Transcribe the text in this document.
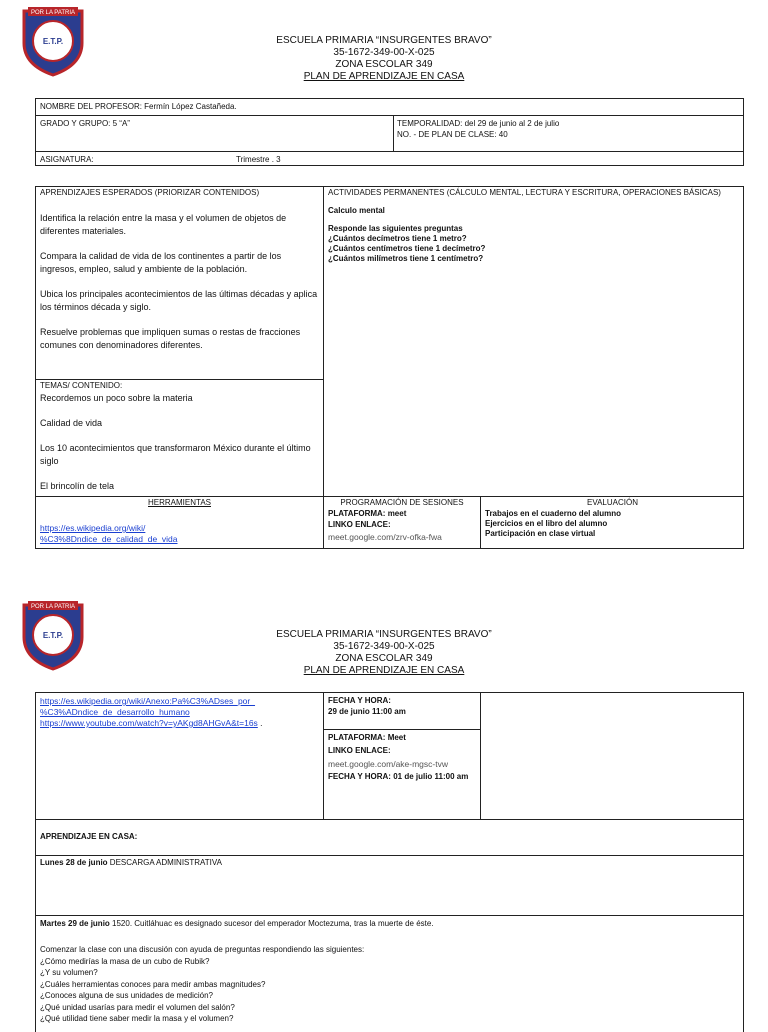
POR LA PATRIA
E.T.P.	ESCUELA PRIMARIA “INSURGENTES BRAVO”
35-1672-349-00-X-025
ZONA ESCOLAR 349
PLAN DE APRENDIZAJE EN CASA
NOMBRE DEL PROFESOR: Fermín López Castañeda.
GRADO Y GRUPO: 5 “A”	TEMPORALIDAD: del 29 de junio al 2 de julio
NO. - DE PLAN DE CLASE: 40
ASIGNATURA:	Trimestre . 3
APRENDIZAJES ESPERADOS (PRIORIZAR CONTENIDOS)

Identifica la relación entre la masa y el volumen de objetos de diferentes materiales.

Compara la calidad de vida de los continentes a partir de los ingresos, empleo, salud y ambiente de la población.

Ubica los principales acontecimientos de las últimas décadas y aplica los términos década y siglo.

Resuelve problemas que impliquen sumas o restas de fracciones comunes con denominadores diferentes.

ACTIVIDADES PERMANENTES (CÁLCULO MENTAL, LECTURA Y ESCRITURA, OPERACIONES BÁSICAS)
Calculo mental

Responde las siguientes preguntas

¿Cuántos decímetros tiene 1 metro?

¿Cuántos centímetros tiene 1 decímetro?

¿Cuántos milímetros tiene 1 centímetro?

TEMAS/ CONTENIDO:

Recordemos un poco sobre la materia

Calidad de vida

Los 10 acontecimientos que transformaron México durante el último siglo

El brincolín de tela

HERRAMIENTAS

https://es.wikipedia.org/wiki/

%C3%8Dndice_de_calidad_de_vida

PROGRAMACIÓN DE SESIONES
PLATAFORMA: meet
LINKO ENLACE:
meet.google.com/zrv-ofka-fwa
EVALUACIÓN

Trabajos en el cuaderno del alumno

Ejercicios en el libro del alumno

Participación en clase virtual

POR LA PATRIA
E.T.P.	ESCUELA PRIMARIA “INSURGENTES BRAVO”
35-1672-349-00-X-025
ZONA ESCOLAR 349
PLAN DE APRENDIZAJE EN CASA

https://es.wikipedia.org/wiki/Anexo:Pa%C3%ADses_por_

%C3%ADndice_de_desarrollo_humano

https://www.youtube.com/watch?v=yAKgd8AHGvA&t=16s .

FECHA Y HORA:
29 de junio 11:00 am
PLATAFORMA: Meet
LINKO ENLACE:
meet.google.com/ake-mgsc-tvw
FECHA Y HORA: 01 de julio 11:00 am
APRENDIZAJE EN CASA:
Lunes 28 de junio DESCARGA ADMINISTRATIVA
Martes 29 de junio 1520. Cuitláhuac es designado sucesor del emperador Moctezuma, tras la muerte de éste.

Comenzar la clase con una discusión con ayuda de preguntas respondiendo las siguientes:

¿Cómo medirías la masa de un cubo de Rubik?

¿Y su volumen?

¿Cuáles herramientas conoces para medir ambas magnitudes?

¿Conoces alguna de sus unidades de medición?

¿Qué unidad usarías para medir el volumen del salón?

¿Qué utilidad tiene saber medir la masa y el volumen?
